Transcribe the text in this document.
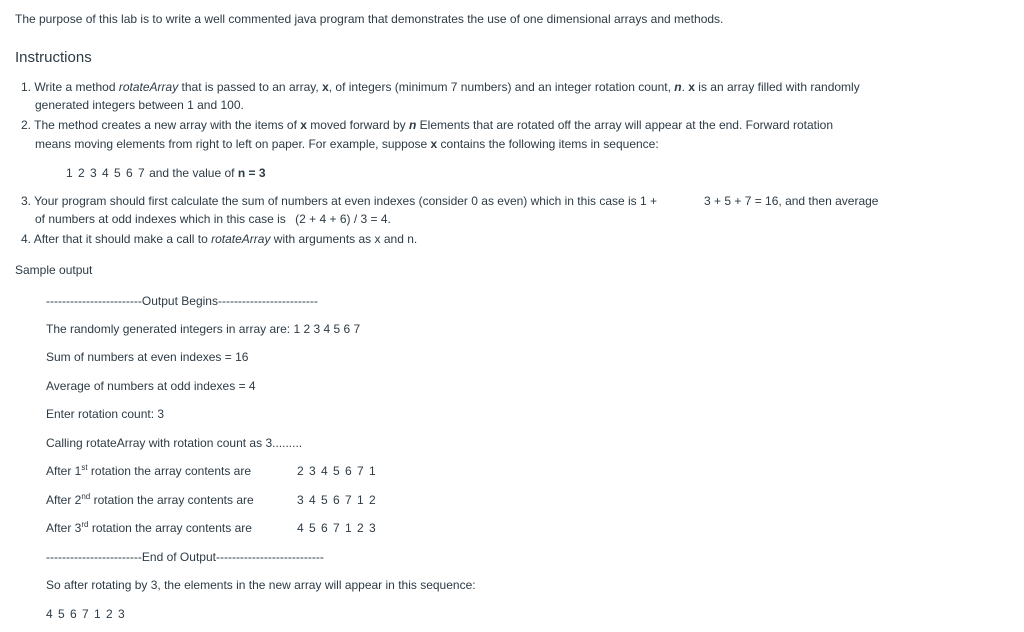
The purpose of this lab is to write a well commented java program that demonstrates the use of one dimensional arrays and methods.
Instructions
1. Write a method rotateArray that is passed to an array, x, of integers (minimum 7 numbers) and an integer rotation count, n. x is an array filled with randomly
generated integers between 1 and 100.
2. The method creates a new array with the items of x moved forward by n Elements that are rotated off the array will appear at the end. Forward rotation
means moving elements from right to left on paper. For example, suppose x contains the following items in sequence:
1 2 3 4 5 6 7 and the value of n = 3
3. Your program should first calculate the sum of numbers at even indexes (consider 0 as even) which in this case is 1 +	3 + 5 + 7 = 16, and then average
of numbers at odd indexes which in this case is (2 + 4 + 6) / 3 = 4.
4. After that it should make a call to rotateArray with arguments as x and n.
Sample output
------------------------Output Begins-------------------------
The randomly generated integers in array are: 1 2 3 4 5 6 7
Sum of numbers at even indexes = 16
Average of numbers at odd indexes = 4
Enter rotation count: 3
Calling rotateArray with rotation count as 3.........
After 1st rotation the array contents are	2 3 4 5 6 7 1
After 2nd rotation the array contents are	3 4 5 6 7 1 2
After 3rd rotation the array contents are	4 5 6 7 1 2 3
------------------------End of Output---------------------------
So after rotating by 3, the elements in the new array will appear in this sequence:
4 5 6 7 1 2 3
